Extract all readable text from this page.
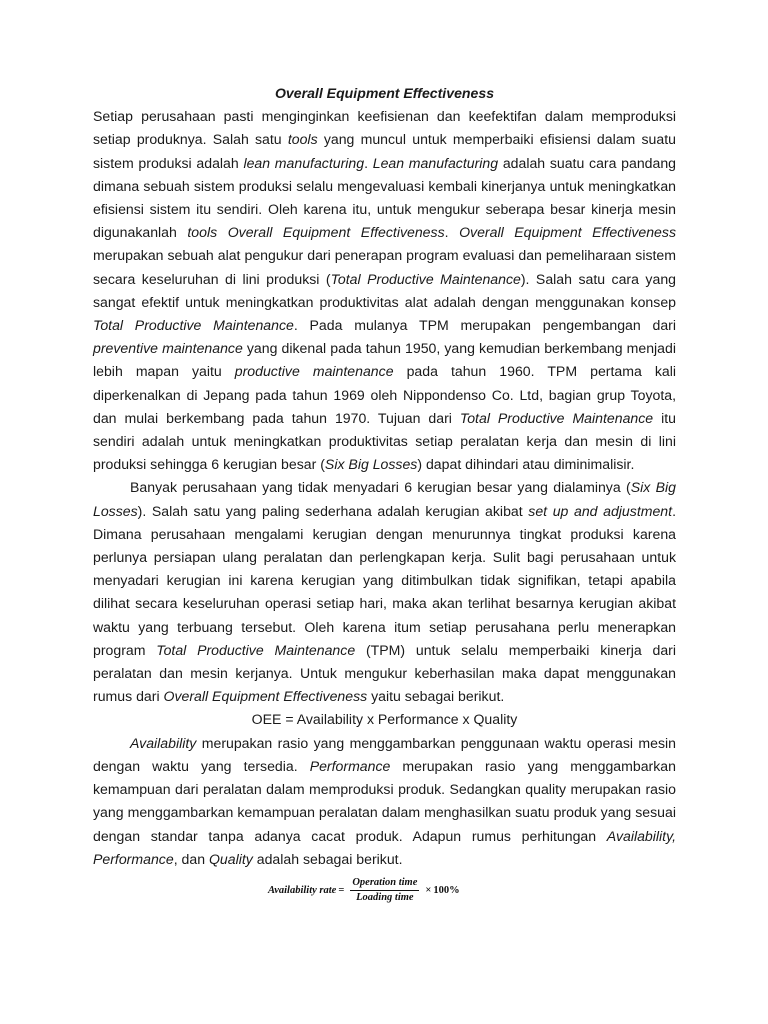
Overall Equipment Effectiveness

Setiap perusahaan pasti menginginkan keefisienan dan keefektifan dalam memproduksi setiap produknya. Salah satu tools yang muncul untuk memperbaiki efisiensi dalam suatu sistem produksi adalah lean manufacturing. Lean manufacturing adalah suatu cara pandang dimana sebuah sistem produksi selalu mengevaluasi kembali kinerjanya untuk meningkatkan efisiensi sistem itu sendiri. Oleh karena itu, untuk mengukur seberapa besar kinerja mesin digunakanlah tools Overall Equipment Effectiveness. Overall Equipment Effectiveness merupakan sebuah alat pengukur dari penerapan program evaluasi dan pemeliharaan sistem secara keseluruhan di lini produksi (Total Productive Maintenance). Salah satu cara yang sangat efektif untuk meningkatkan produktivitas alat adalah dengan menggunakan konsep Total Productive Maintenance. Pada mulanya TPM merupakan pengembangan dari preventive maintenance yang dikenal pada tahun 1950, yang kemudian berkembang menjadi lebih mapan yaitu productive maintenance pada tahun 1960. TPM pertama kali diperkenalkan di Jepang pada tahun 1969 oleh Nippondenso Co. Ltd, bagian grup Toyota, dan mulai berkembang pada tahun 1970. Tujuan dari Total Productive Maintenance itu sendiri adalah untuk meningkatkan produktivitas setiap peralatan kerja dan mesin di lini produksi sehingga 6 kerugian besar (Six Big Losses) dapat dihindari atau diminimalisir.

Banyak perusahaan yang tidak menyadari 6 kerugian besar yang dialaminya (Six Big Losses). Salah satu yang paling sederhana adalah kerugian akibat set up and adjustment. Dimana perusahaan mengalami kerugian dengan menurunnya tingkat produksi karena perlunya persiapan ulang peralatan dan perlengkapan kerja. Sulit bagi perusahaan untuk menyadari kerugian ini karena kerugian yang ditimbulkan tidak signifikan, tetapi apabila dilihat secara keseluruhan operasi setiap hari, maka akan terlihat besarnya kerugian akibat waktu yang terbuang tersebut. Oleh karena itum setiap perusahana perlu menerapkan program Total Productive Maintenance (TPM) untuk selalu memperbaiki kinerja dari peralatan dan mesin kerjanya. Untuk mengukur keberhasilan maka dapat menggunakan rumus dari Overall Equipment Effectiveness yaitu sebagai berikut.

OEE = Availability x Performance x Quality

Availability merupakan rasio yang menggambarkan penggunaan waktu operasi mesin dengan waktu yang tersedia. Performance merupakan rasio yang menggambarkan kemampuan dari peralatan dalam memproduksi produk. Sedangkan quality merupakan rasio yang menggambarkan kemampuan peralatan dalam menghasilkan suatu produk yang sesuai dengan standar tanpa adanya cacat produk. Adapun rumus perhitungan Availability, Performance, dan Quality adalah sebagai berikut.

Availability rate = $\frac{\text{Operation time}}{\text{Loading time}} \times 100\%$
